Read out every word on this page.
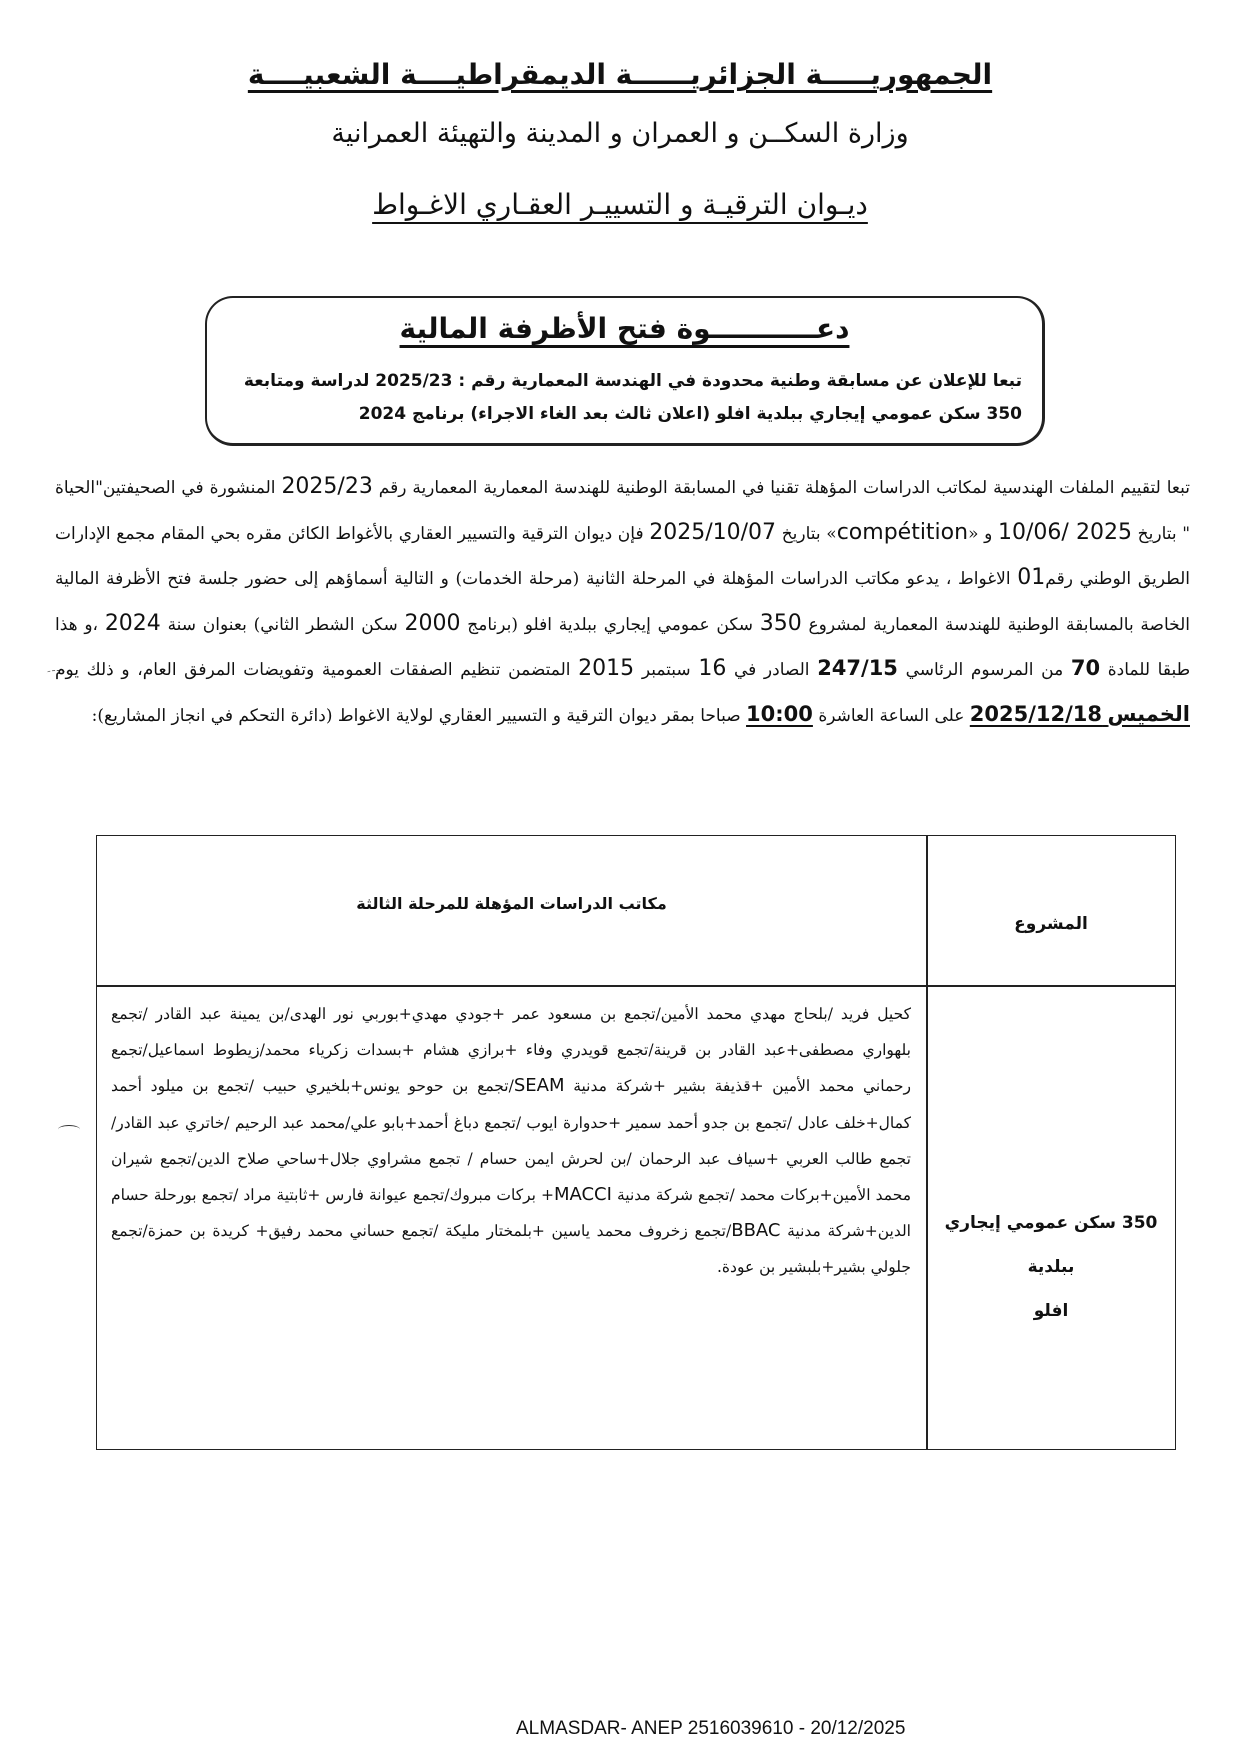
الجمهوريـــــة الجزائريــــــة الديمقراطيــــة الشعبيــــة
وزارة السكــن و العمران و المدينة والتهيئة العمرانية
ديـوان الترقيـة و التسييـر العقـاري الاغـواط
دعـــــــــــوة فتح الأظرفة المالية
تبعا للإعلان عن مسابقة وطنية محدودة في الهندسة المعمارية رقم : 2025/23 لدراسة ومتابعة
350 سكن عمومي إيجاري ببلدية افلو (اعلان ثالث بعد الغاء الاجراء) برنامج 2024
تبعا لتقييم الملفات الهندسية لمكاتب الدراسات المؤهلة تقنيا في المسابقة الوطنية للهندسة المعمارية المعمارية رقم 2025/23 المنشورة في الصحيفتين"الحياة " بتاريخ 2025 /10/06 و «compétition» بتاريخ 2025/10/07 فإن ديوان الترقية والتسيير العقاري بالأغواط الكائن مقره بحي المقام مجمع الإدارات الطريق الوطني رقم01 الاغواط ، يدعو مكاتب الدراسات المؤهلة في المرحلة الثانية (مرحلة الخدمات) و التالية أسماؤهم إلى حضور جلسة فتح الأظرفة المالية الخاصة بالمسابقة الوطنية للهندسة المعمارية لمشروع 350 سكن عمومي إيجاري ببلدية افلو (برنامج 2000 سكن الشطر الثاني) بعنوان سنة 2024 ،و هذا طبقا للمادة 70 من المرسوم الرئاسي 247/15 الصادر في 16 سبتمبر 2015 المتضمن تنظيم الصفقات العمومية وتفويضات المرفق العام، و ذلك يوم الخميس 2025/12/18 على الساعة العاشرة 10:00 صباحا بمقر ديوان الترقية و التسيير العقاري لولاية الاغواط (دائرة التحكم في انجاز المشاريع):
مكاتب الدراسات المؤهلة للمرحلة الثالثة
المشروع
كحيل فريد /بلحاج مهدي محمد الأمين/تجمع بن مسعود عمر +جودي مهدي+بوربي نور الهدى/بن يمينة عبد القادر /تجمع بلهواري مصطفى+عبد القادر بن قرينة/تجمع قويدري وفاء +برازي هشام +بسدات زكرياء محمد/زيطوط اسماعيل/تجمع رحماني محمد الأمين +قذيفة بشير +شركة مدنية SEAM/تجمع بن حوحو يونس+بلخيري حبيب /تجمع بن ميلود أحمد كمال+خلف عادل /تجمع بن جدو أحمد سمير +حدوارة ايوب /تجمع دباغ أحمد+بابو علي/محمد عبد الرحيم /خاتري عبد القادر/تجمع طالب العربي +سياف عبد الرحمان /بن لحرش ايمن حسام / تجمع مشراوي جلال+ساحي صلاح الدين/تجمع شيران محمد الأمين+بركات محمد /تجمع شركة مدنية MACCI+ بركات مبروك/تجمع عيوانة فارس +ثابتية مراد /تجمع بورحلة حسام الدين+شركة مدنية BBAC/تجمع زخروف محمد ياسين +بلمختار مليكة /تجمع حساني محمد رفيق+ كريدة بن حمزة/تجمع جلولي بشير+بلبشير بن عودة.
350 سكن عمومي إيجاري
ببلدية
افلو
ALMASDAR- ANEP 2516039610 - 20/12/2025
